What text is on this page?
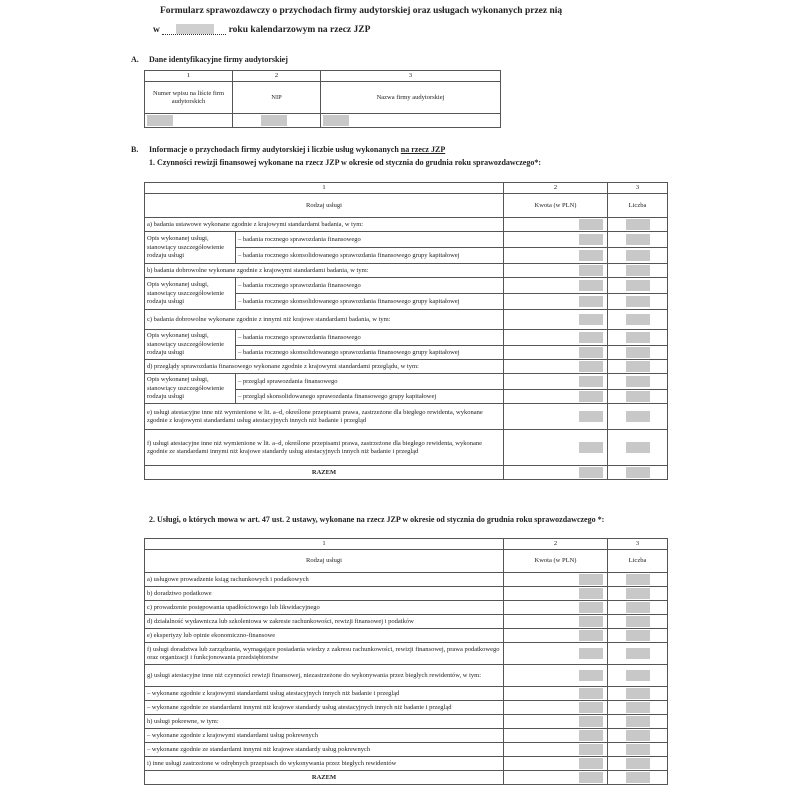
Formularz sprawozdawczy o przychodach firmy audytorskiej oraz usługach wykonanych przez nią
w	roku kalendarzowym na rzecz JZP
A. Dane identyfikacyjne firmy audytorskiej
1	2	3
Numer wpisu na liście firm audytorskich	NIP	Nazwa firmy audytorskiej

B. Informacje o przychodach firmy audytorskiej i liczbie usług wykonanych na rzecz JZP
1. Czynności rewizji finansowej wykonane na rzecz JZP w okresie od stycznia do grudnia roku sprawozdawczego*:
1		2	3
Rodzaj usługi		Kwota (w PLN)	Liczba
a) badania ustawowe wykonane zgodnie z krajowymi standardami badania, w tym:		

Opis wykonanej usługi, stanowiący uszczegółowienie rodzaju usługi	– badania rocznego sprawozdania finansowego	

	– badania rocznego skonsolidowanego sprawozdania finansowego grupy kapitałowej	

b) badania dobrowolne wykonane zgodnie z krajowymi standardami badania, w tym:		

Opis wykonanej usługi, stanowiący uszczegółowienie rodzaju usługi	– badania rocznego sprawozdania finansowego	

	– badania rocznego skonsolidowanego sprawozdania finansowego grupy kapitałowej	

c) badania dobrowolne wykonane zgodnie z innymi niż krajowe standardami badania, w tym:		

Opis wykonanej usługi, stanowiący uszczegółowienie rodzaju usługi	– badania rocznego sprawozdania finansowego	

	– badania rocznego skonsolidowanego sprawozdania finansowego grupy kapitałowej	

d) przeglądy sprawozdania finansowego wykonane zgodnie z krajowymi standardami przeglądu, w tym:		

Opis wykonanej usługi, stanowiący uszczegółowienie rodzaju usługi	– przegląd sprawozdania finansowego	

	– przegląd skonsolidowanego sprawozdania finansowego grupy kapitałowej	

e) usługi atestacyjne inne niż wymienione w lit. a–d, określone przepisami prawa, zastrzeżone dla biegłego rewidenta, wykonane zgodnie z krajowymi standardami usług atestacyjnych innych niż badanie i przegląd		

f) usługi atestacyjne inne niż wymienione w lit. a–d, określone przepisami prawa, zastrzeżone dla biegłego rewidenta, wykonane zgodnie ze standardami innymi niż krajowe standardy usług atestacyjnych innych niż badanie i przegląd		

RAZEM		

2. Usługi, o których mowa w art. 47 ust. 2 ustawy, wykonane na rzecz JZP w okresie od stycznia do grudnia roku sprawozdawczego *:
1	2	3
Rodzaj usługi	Kwota (w PLN)	Liczba
a) usługowe prowadzenie ksiąg rachunkowych i podatkowych	

b) doradztwo podatkowe	

c) prowadzenie postępowania upadłościowego lub likwidacyjnego	

d) działalność wydawnicza lub szkoleniowa w zakresie rachunkowości, rewizji finansowej i podatków	

e) ekspertyzy lub opinie ekonomiczno-finansowe	

f) usługi doradztwa lub zarządzania, wymagające posiadania wiedzy z zakresu rachunkowości, rewizji finansowej, prawa podatkowego oraz organizacji i funkcjonowania przedsiębiorstw	

g) usługi atestacyjne inne niż czynności rewizji finansowej, niezastrzeżone do wykonywania przez biegłych rewidentów, w tym:	

– wykonane zgodnie z krajowymi standardami usług atestacyjnych innych niż badanie i przegląd	

– wykonane zgodnie ze standardami innymi niż krajowe standardy usług atestacyjnych innych niż badanie i przegląd	

h) usługi pokrewne, w tym:	

– wykonane zgodnie z krajowymi standardami usług pokrewnych	

– wykonane zgodnie ze standardami innymi niż krajowe standardy usług pokrewnych	

i) inne usługi zastrzeżone w odrębnych przepisach do wykonywania przez biegłych rewidentów	

RAZEM	
